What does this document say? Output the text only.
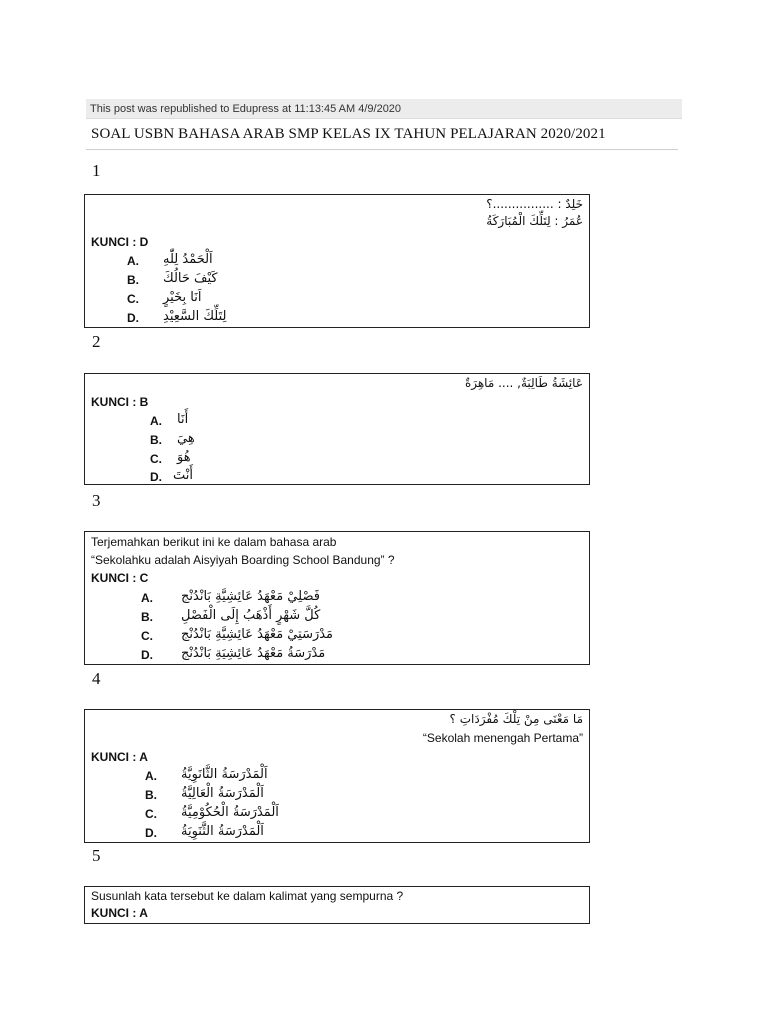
This post was republished to Edupress at 11:13:45 AM 4/9/2020
SOAL USBN BAHASA ARAB SMP KELAS IX TAHUN PELAJARAN 2020/2021
1
خَلِدٌ : ................؟
عُمَرُ : لِتَلِّكَ الْمُبَارَكَةُ
KUNCI : D
A. اَلْحَمْدُ لِلّٰهِ
B. كَيْفَ حَالُكَ
C. اَنَا بِخَيْرٍ
D. لِتَلِّكَ السَّعِيْدِ
2
عَائِشَةُ طَالِبَةٌ, .... مَاهِرَةٌ
KUNCI : B
A. أَنَا
B. هِيَ
C. هُوَ
D. أَنْتَ
3
Terjemahkan berikut ini ke dalam bahasa arab
“Sekolahku adalah Aisyiyah Boarding School Bandung” ?
KUNCI : C
A. فَصْلِيْ مَعْهَدُ عَائِشِيَّةِ بَانْدُنْج
B. كُلَّ شَهْرٍ أَذْهَبُ إِلَى الْفَصْلِ
C. مَدْرَسَتِيْ مَعْهَدُ عَائِشِيَّةِ بَانْدُنْج
D. مَدْرَسَةُ مَعْهَدُ عَائِشِيَةِ بَانْدُنْج
4
مَا مَعْنَى مِنْ تِلْكَ مُفْرَدَاتِ ؟
“Sekolah menengah Pertama”
KUNCI : A
A. اَلْمَدْرَسَةُ الثَّانَوِيَّةُ
B. اَلْمَدْرَسَةُ الْعَالِيَّةُ
C. اَلْمَدْرَسَةُ الْحُكُوْمِيَّةُ
D. اَلْمَدْرَسَةُ الثَّنَوِيَةُ
5
Susunlah kata tersebut ke dalam kalimat yang sempurna ?
KUNCI : A
